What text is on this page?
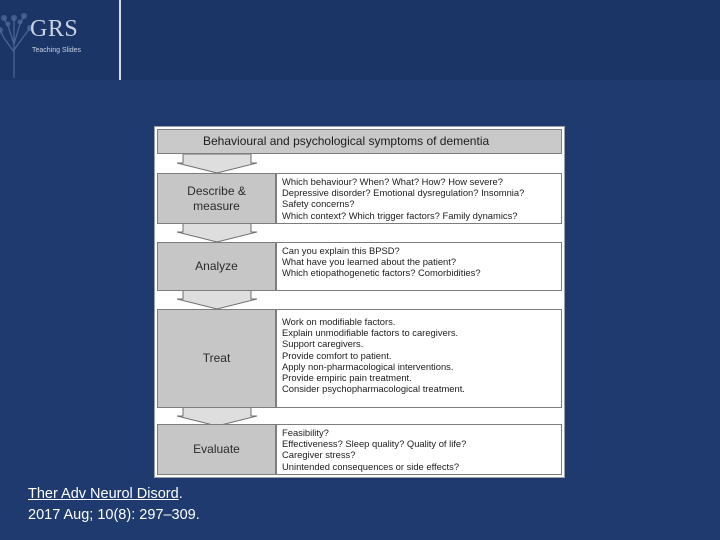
GRS
Teaching Slides
Behavioural and psychological symptoms of dementia
Describe &
measure
Which behaviour? When? What? How? How severe?
Depressive disorder? Emotional dysregulation? Insomnia?
Safety concerns?
Which context? Which trigger factors? Family dynamics?
Analyze
Can you explain this BPSD?
What have you learned about the patient?
Which etiopathogenetic factors? Comorbidities?
Treat
Work on modifiable factors.
Explain unmodifiable factors to caregivers.
Support caregivers.
Provide comfort to patient.
Apply non-pharmacological interventions.
Provide empiric pain treatment.
Consider psychopharmacological treatment.
Evaluate
Feasibility?
Effectiveness? Sleep quality? Quality of life?
Caregiver stress?
Unintended consequences or side effects?
Ther Adv Neurol Disord.
2017 Aug; 10(8): 297–309.
